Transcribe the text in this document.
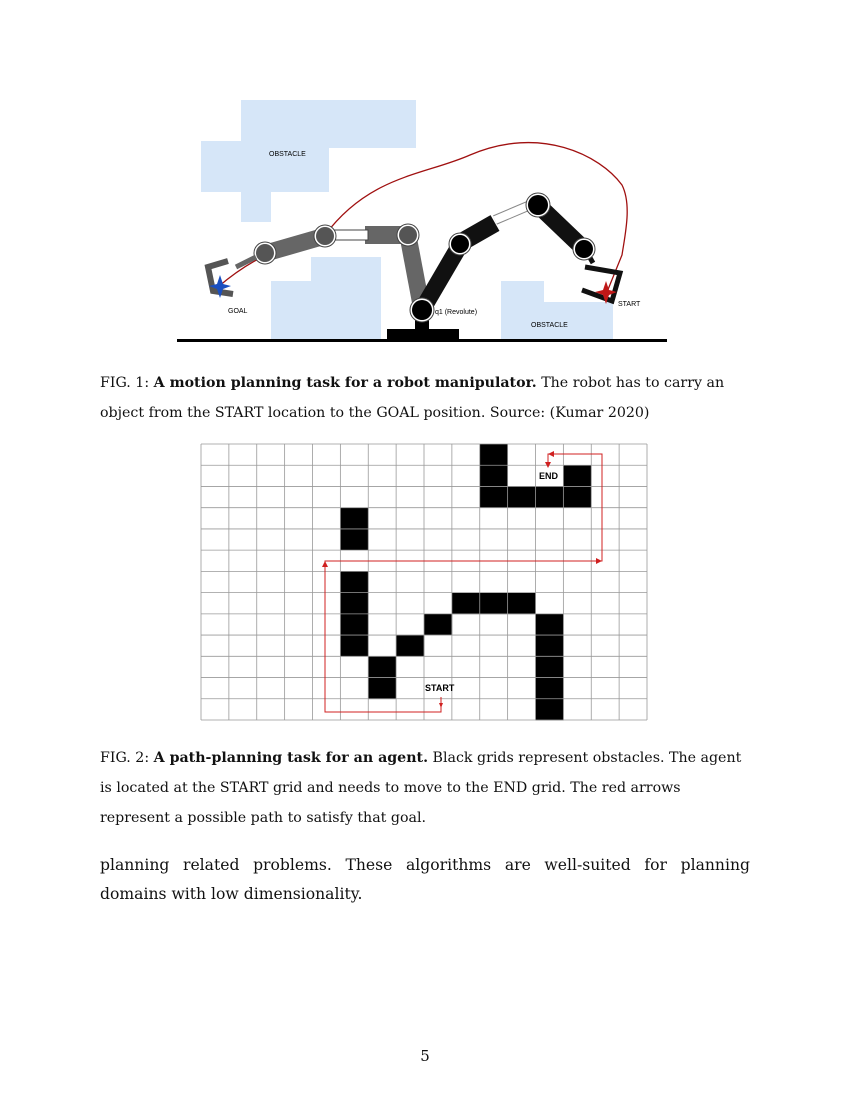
OBSTACLE
OBSTACLE
GOAL
START
q1 (Revolute)
FIG. 1: A motion planning task for a robot manipulator. The robot has to carry an object from the START location to the GOAL position. Source: (Kumar 2020)
START
END
FIG. 2: A path-planning task for an agent. Black grids represent obstacles. The agent is located at the START grid and needs to move to the END grid. The red arrows represent a possible path to satisfy that goal.
planning related problems. These algorithms are well-suited for planning domains with low dimensionality.
5
